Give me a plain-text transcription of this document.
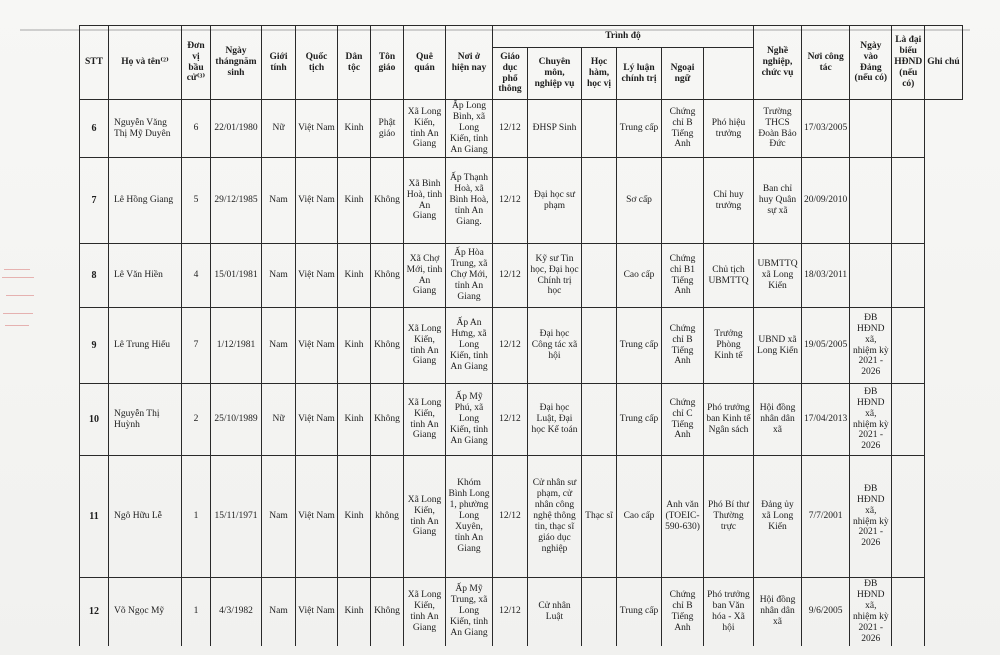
STT	Họ và tên⁽²⁾	Đơn vị bầu cử⁽³⁾	Ngày thángnăm sinh	Giới tính	Quốc tịch	Dân tộc	Tôn giáo	Quê quán	Nơi ở hiện nay	Trình độ						Nghề nghiệp, chức vụ	Nơi công tác	Ngày vào Đảng (nếu có)	Là đại biểu HĐND (nếu có)	Ghi chú
										Giáo dục phổ thông	Chuyên môn, nghiệp vụ	Học hàm, học vị	Lý luận chính trị	Ngoại ngữ						
6	Nguyễn Văng Thị Mỹ Duyên	6	22/01/1980	Nữ	Việt Nam	Kinh	Phật giáo	Xã Long Kiến, tỉnh An Giang	Ấp Long Bình, xã Long Kiến, tỉnh An Giang	12/12	ĐHSP Sinh		Trung cấp	Chứng chỉ B Tiếng Anh	Phó hiệu trưởng	Trường THCS Đoàn Bảo Đức	17/03/2005			
7	Lê Hồng Giang	5	29/12/1985	Nam	Việt Nam	Kinh	Không	Xã Bình Hoà, tỉnh An Giang	Ấp Thạnh Hoà, xã Bình Hoà, tỉnh An Giang.	12/12	Đại học sư phạm		Sơ cấp		Chỉ huy trưởng	Ban chỉ huy Quân sự xã	20/09/2010			
8	Lê Văn Hiền	4	15/01/1981	Nam	Việt Nam	Kinh	Không	Xã Chợ Mới, tỉnh An Giang	Ấp Hòa Trung, xã Chợ Mới, tỉnh An Giang	12/12	Kỹ sư Tin học, Đại học Chính trị học		Cao cấp	Chứng chỉ B1 Tiếng Anh	Chủ tịch UBMTTQ	UBMTTQ xã Long Kiến	18/03/2011			
9	Lê Trung Hiếu	7	1/12/1981	Nam	Việt Nam	Kinh	Không	Xã Long Kiến, tỉnh An Giang	Ấp An Hưng, xã Long Kiến, tỉnh An Giang	12/12	Đại học Công tác xã hội		Trung cấp	Chứng chỉ B Tiếng Anh	Trưởng Phòng Kinh tế	UBND xã Long Kiến	19/05/2005	ĐB HĐND xã, nhiệm kỳ 2021 - 2026		
10	Nguyễn Thị Huỳnh	2	25/10/1989	Nữ	Việt Nam	Kinh	Không	Xã Long Kiến, tỉnh An Giang	Ấp Mỹ Phú, xã Long Kiến, tỉnh An Giang	12/12	Đại học Luật, Đại học Kế toán		Trung cấp	Chứng chỉ C Tiếng Anh	Phó trưởng ban Kinh tế Ngân sách	Hội đồng nhân dân xã	17/04/2013	ĐB HĐND xã, nhiệm kỳ 2021 - 2026		
11	Ngô Hữu Lễ	1	15/11/1971	Nam	Việt Nam	Kinh	không	Xã Long Kiến, tỉnh An Giang	Khóm Bình Long 1, phường Long Xuyên, tỉnh An Giang	12/12	Cử nhân sư phạm, cử nhân công nghệ thông tin, thạc sĩ giáo dục nghiệp	Thạc sĩ	Cao cấp	Anh văn (TOEIC-590-630)	Phó Bí thư Thường trực	Đảng ủy xã Long Kiến	7/7/2001	ĐB HĐND xã, nhiệm kỳ 2021 - 2026		
12	Võ Ngọc Mỹ	1	4/3/1982	Nam	Việt Nam	Kinh	Không	Xã Long Kiến, tỉnh An Giang	Ấp Mỹ Trung, xã Long Kiến, tỉnh An Giang	12/12	Cử nhân Luật		Trung cấp	Chứng chỉ B Tiếng Anh	Phó trưởng ban Văn hóa - Xã hội	Hội đồng nhân dân xã	9/6/2005	ĐB HĐND xã, nhiệm kỳ 2021 - 2026		
